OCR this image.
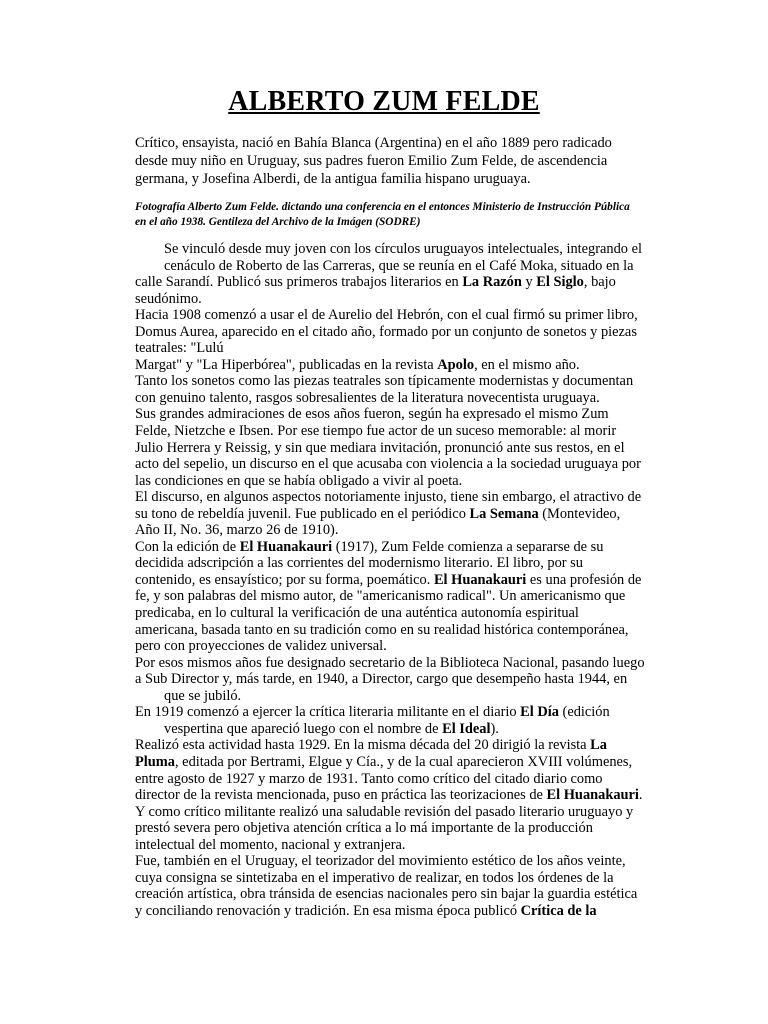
ALBERTO ZUM FELDE

Crítico, ensayista, nació en Bahía Blanca (Argentina) en el año 1889 pero radicado desde muy niño en Uruguay, sus padres fueron Emilio Zum Felde, de ascendencia germana, y Josefina Alberdi, de la antigua familia hispano uruguaya.

Fotografía Alberto Zum Felde. dictando una conferencia en el entonces Ministerio de Instrucción Pública en el año 1938. Gentileza del Archivo de la Imágen (SODRE)

Se vinculó desde muy joven con los círculos uruguayos intelectuales, integrando el
cenáculo de Roberto de las Carreras, que se reunía en el Café Moka, situado en la
calle Sarandí. Publicó sus primeros trabajos literarios en La Razón y El Siglo, bajo
seudónimo.

Hacia 1908 comenzó a usar el de Aurelio del Hebrón, con el cual firmó su primer libro,
Domus Aurea, aparecido en el citado año, formado por un conjunto de sonetos y piezas
teatrales: "Lulú
Margat" y "La Hiperbórea", publicadas en la revista Apolo, en el mismo año.

Tanto los sonetos como las piezas teatrales son típicamente modernistas y documentan
con genuino talento, rasgos sobresalientes de la literatura novecentista uruguaya.

Sus grandes admiraciones de esos años fueron, según ha expresado el mismo Zum
Felde, Nietzche e Ibsen. Por ese tiempo fue actor de un suceso memorable: al morir
Julio Herrera y Reissig, y sin que mediara invitación, pronunció ante sus restos, en el
acto del sepelio, un discurso en el que acusaba con violencia a la sociedad uruguaya por
las condiciones en que se había obligado a vivir al poeta.

El discurso, en algunos aspectos notoriamente injusto, tiene sin embargo, el atractivo de
su tono de rebeldía juvenil. Fue publicado en el periódico La Semana (Montevideo,
Año II, No. 36, marzo 26 de 1910).

Con la edición de El Huanakauri (1917), Zum Felde comienza a separarse de su
decidida adscripción a las corrientes del modernismo literario. El libro, por su
contenido, es ensayístico; por su forma, poemático. El Huanakauri es una profesión de
fe, y son palabras del mismo autor, de "americanismo radical". Un americanismo que
predicaba, en lo cultural la verificación de una auténtica autonomía espiritual
americana, basada tanto en su tradición como en su realidad histórica contemporánea,
pero con proyecciones de validez universal.

Por esos mismos años fue designado secretario de la Biblioteca Nacional, pasando luego
a Sub Director y, más tarde, en 1940, a Director, cargo que desempeño hasta 1944, en
que se jubiló.

En 1919 comenzó a ejercer la crítica literaria militante en el diario El Día (edición
vespertina que apareció luego con el nombre de El Ideal).

Realizó esta actividad hasta 1929. En la misma década del 20 dirigió la revista La
Pluma, editada por Bertrami, Elgue y Cía., y de la cual aparecieron XVIII volúmenes,
entre agosto de 1927 y marzo de 1931. Tanto como crítico del citado diario como
director de la revista mencionada, puso en práctica las teorizaciones de El Huanakauri.
Y como crítico militante realizó una saludable revisión del pasado literario uruguayo y
prestó severa pero objetiva atención crítica a lo má importante de la producción
intelectual del momento, nacional y extranjera.

Fue, también en el Uruguay, el teorizador del movimiento estético de los años veinte,
cuya consigna se sintetizaba en el imperativo de realizar, en todos los órdenes de la
creación artística, obra tránsida de esencias nacionales pero sin bajar la guardia estética
y conciliando renovación y tradición. En esa misma época publicó Crítica de la
